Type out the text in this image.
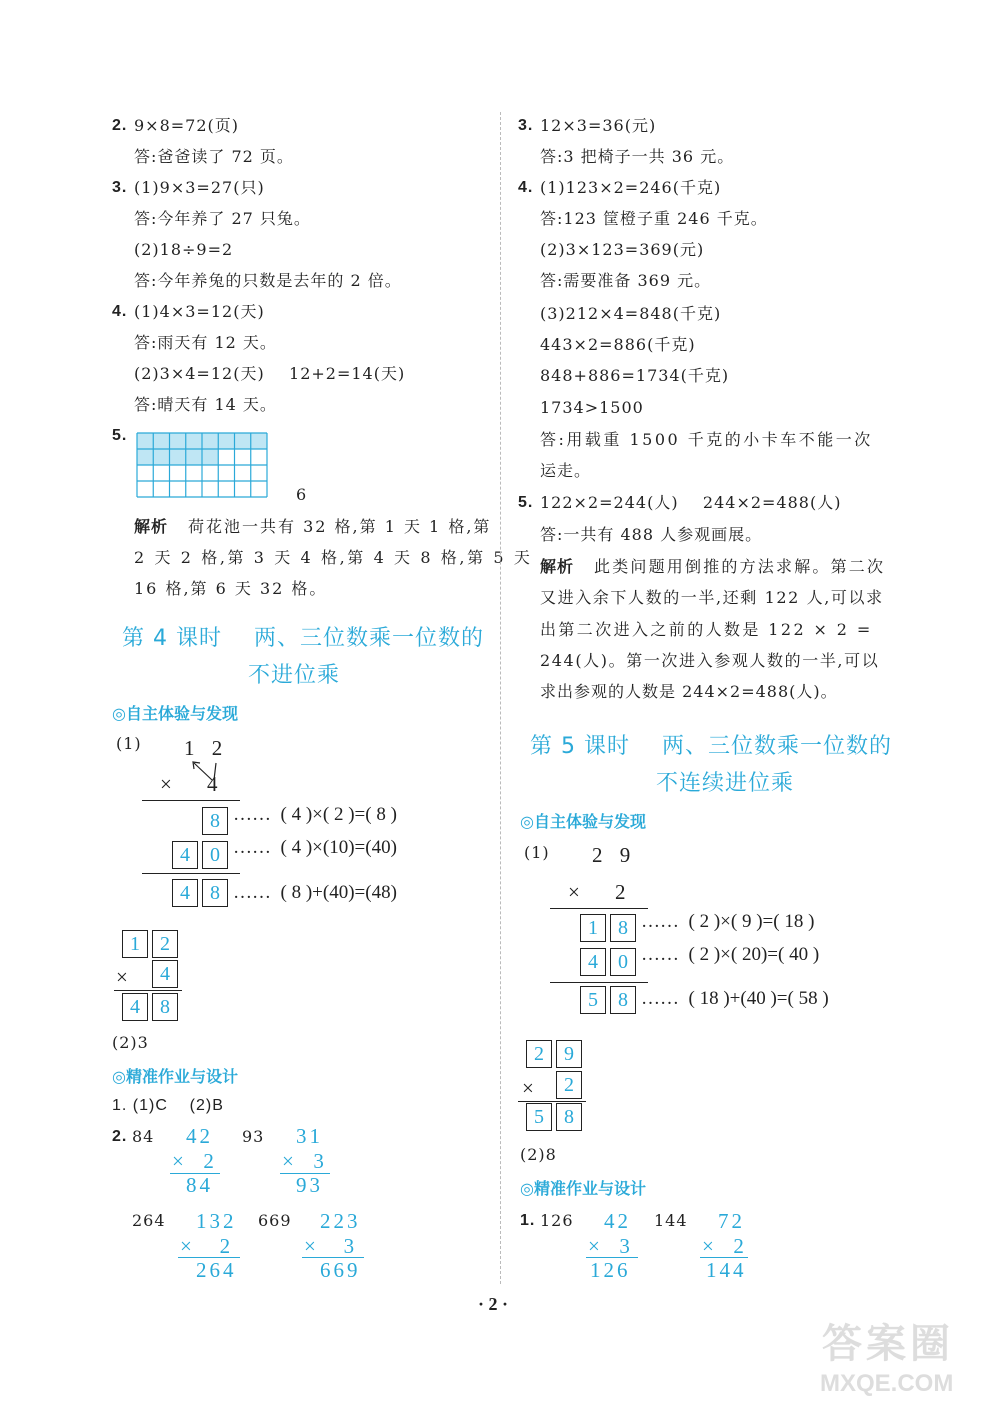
2. 9×8=72(页)
答:爸爸读了 72 页。
3. (1)9×3=27(只)
答:今年养了 27 只兔。
(2)18÷9=2
答:今年养兔的只数是去年的 2 倍。
4. (1)4×3=12(天)
答:雨天有 12 天。
(2)3×4=12(天)    12+2=14(天)
答:晴天有 14 天。
5.
6
解析 荷花池一共有 32 格,第 1 天 1 格,第
2 天 2 格,第 3 天 4 格,第 4 天 8 格,第 5 天
16 格,第 6 天 32 格。
第 4 课时    两、三位数乘一位数的
不进位乘
◎自主体验与发现
(1) 1 2
× 4
8 ……  ( 4 )×( 2 )=( 8 )
4	0 ……  ( 4 )×(10)=(40)
4	8 ……  ( 8 )+(40)=(48)
1	2
×	4
4	8
(2)3
◎精准作业与设计
1. (1)C    (2)B
2. 84 42
×  2
84
93 31
×  3
93
264 132
×   2
264
669 223
×   3
669
3. 12×3=36(元)
答:3 把椅子一共 36 元。
4. (1)123×2=246(千克)
答:123 筐橙子重 246 千克。
(2)3×123=369(元)
答:需要准备 369 元。
(3)212×4=848(千克)
443×2=886(千克)
848+886=1734(千克)
1734>1500
答:用载重 1500 千克的小卡车不能一次
运走。
5. 122×2=244(人)    244×2=488(人)
答:一共有 488 人参观画展。
解析 此类问题用倒推的方法求解。第二次
又进入余下人数的一半,还剩 122 人,可以求
出第二次进入之前的人数是 122 × 2 =
244(人)。第一次进入参观人数的一半,可以
求出参观的人数是 244×2=488(人)。
第 5 课时    两、三位数乘一位数的
不连续进位乘
◎自主体验与发现
(1) 2 9
× 2
1	8 ……  ( 2 )×( 9 )=( 18 )
4	0 ……  ( 2 )×( 20)=( 40 )
5	8 ……  ( 18 )+(40 )=( 58 )
2	9
×	2
5	8
(2)8
◎精准作业与设计
1. 126 42
×  3
126
144 72
×  2
144
· 2 ·
答案圈
MXQE.COM
